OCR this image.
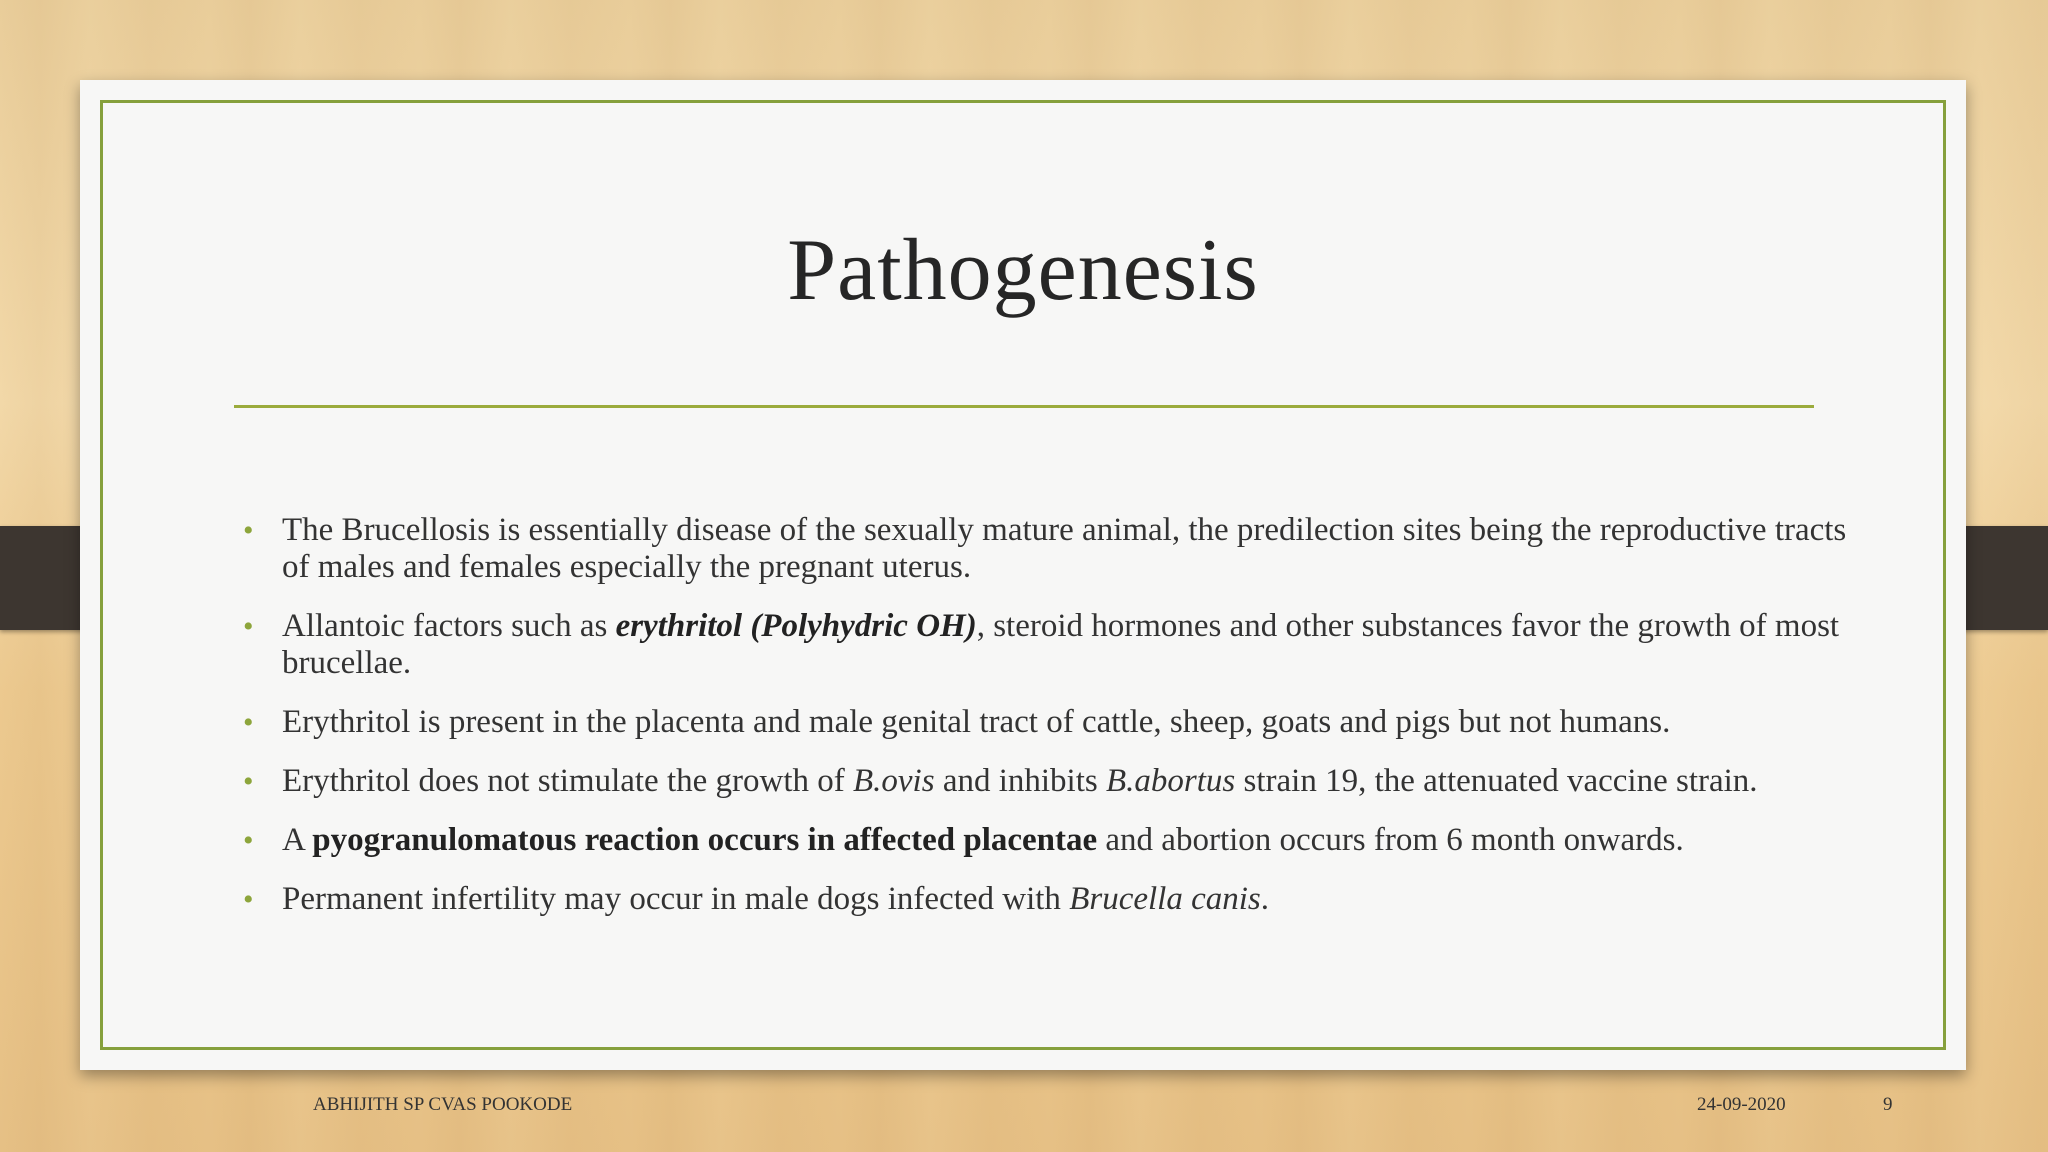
Pathogenesis
• The Brucellosis is essentially disease of the sexually mature animal, the predilection sites being the reproductive tracts of males and females especially the pregnant uterus.
• Allantoic factors such as erythritol (Polyhydric OH), steroid hormones and other substances favor the growth of most brucellae.
• Erythritol is present in the placenta and male genital tract of cattle, sheep, goats and pigs but not humans.
• Erythritol does not stimulate the growth of B.ovis and inhibits B.abortus strain 19, the attenuated vaccine strain.
• A pyogranulomatous reaction occurs in affected placentae and abortion occurs from 6 month onwards.
• Permanent infertility may occur in male dogs infected with Brucella canis.
ABHIJITH SP CVAS POOKODE	24-09-2020	9
